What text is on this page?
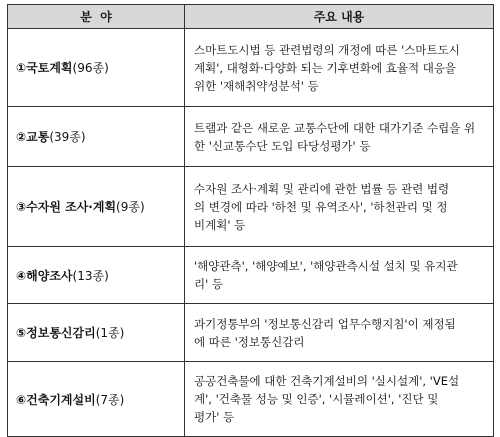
분  야	주요 내용
①국토계획(96종)	스마트도시법 등 관련법령의 개정에 따른 '스마트도시
계획', 대형화·다양화 되는 기후변화에 효율적 대응을
위한 '재해취약성분석' 등

②교통(39종)	트램과 같은 새로운 교통수단에 대한 대가기준 수립을 위
한 '신교통수단 도입 타당성평가' 등

③수자원 조사·계획(9종)	수자원 조사·계획 및 관리에 관한 법률 등 관련 법령
의 변경에 따라 '하천 및 유역조사', '하천관리 및 정
비계획' 등

④해양조사(13종)	'해양관측', '해양예보', '해양관측시설 설치 및 유지관
리' 등

⑤정보통신감리(1종)	과기정통부의 '정보통신감리 업무수행지침'이 제정됨
에 따른 '정보통신감리

⑥건축기계설비(7종)	공공건축물에 대한 건축기계설비의 '실시설계', 'VE설
계', '건축물 성능 및 인증', '시뮬레이션', '진단 및
평가' 등
